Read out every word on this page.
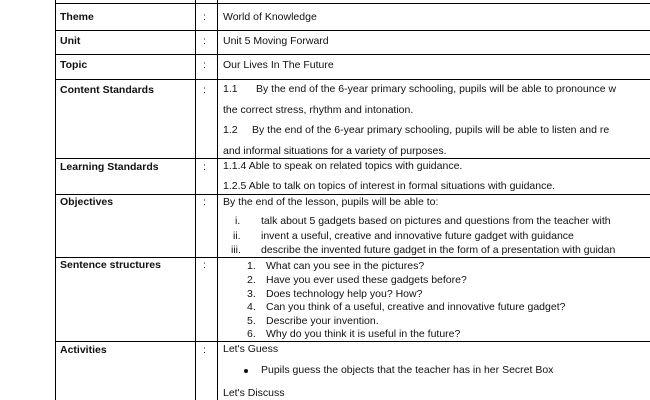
Theme	: World of Knowledge
Unit	: Unit 5 Moving Forward
Topic	: Our Lives In The Future
Content Standards	: 1.1 By the end of the 6-year primary schooling, pupils will be able to pronounce w
the correct stress, rhythm and intonation.
1.2 By the end of the 6-year primary schooling, pupils will be able to listen and re
and informal situations for a variety of purposes.
Learning Standards	: 1.1.4 Able to speak on related topics with guidance.
1.2.5 Able to talk on topics of interest in formal situations with guidance.
Objectives	: By the end of the lesson, pupils will be able to:
i. talk about 5 gadgets based on pictures and questions from the teacher with
ii. invent a useful, creative and innovative future gadget with guidance
iii. describe the invented future gadget in the form of a presentation with guidan
Sentence structures	:	1. What can you see in the pictures?
2. Have you ever used these gadgets before?
3. Does technology help you? How?
4. Can you think of a useful, creative and innovative future gadget?
5. Describe your invention.
6. Why do you think it is useful in the future?
Activities	: Let's Guess
Pupils guess the objects that the teacher has in her Secret Box
Let's Discuss
